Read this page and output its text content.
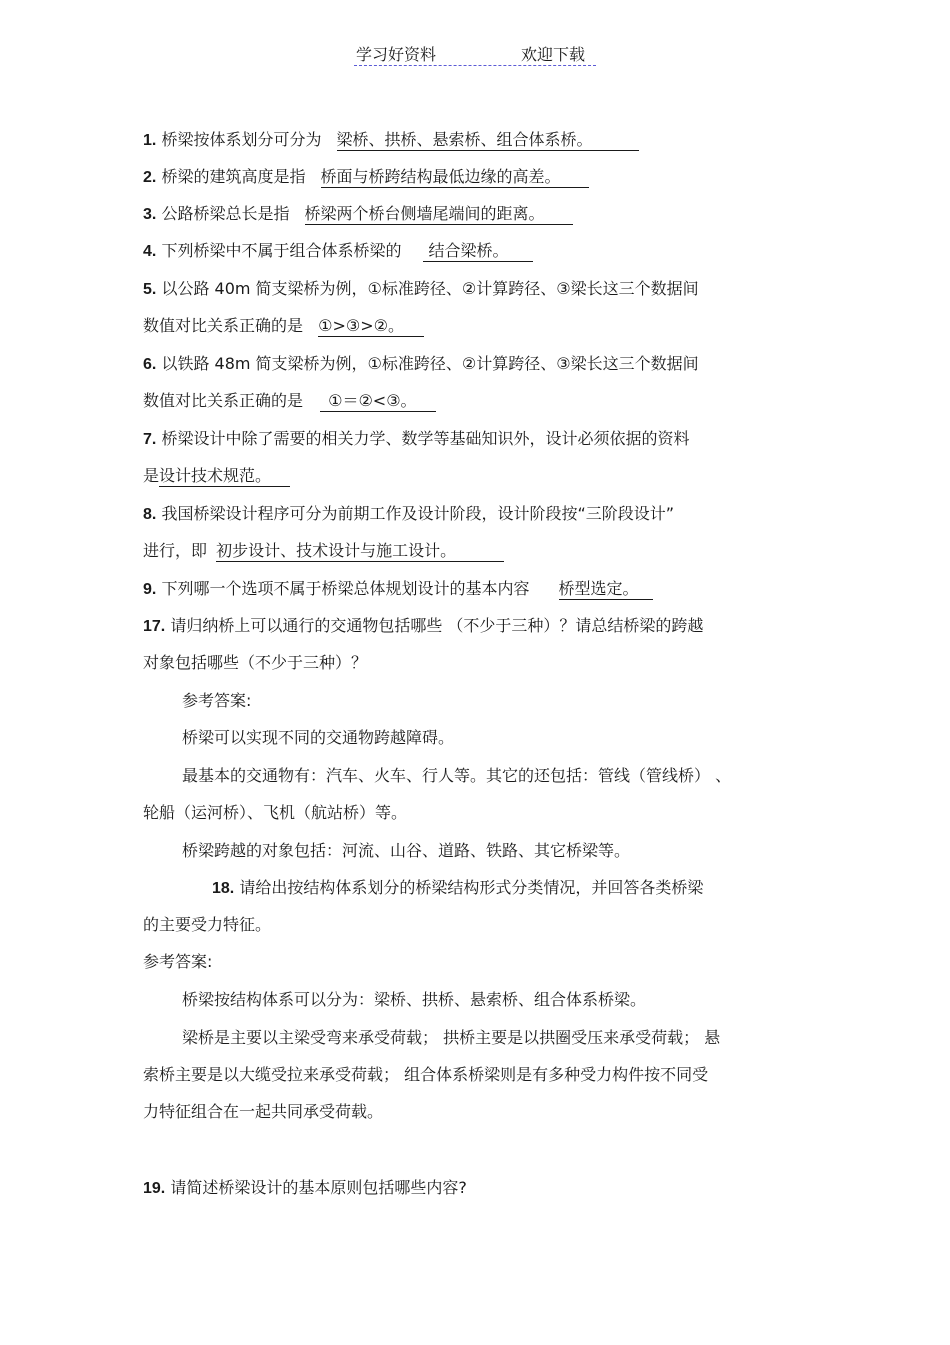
学习好资料	欢迎下载
1. 桥梁按体系划分可分为 梁桥、拱桥、悬索桥、组合体系桥。
2. 桥梁的建筑高度是指 桥面与桥跨结构最低边缘的高差。
3. 公路桥梁总长是指 桥梁两个桥台侧墙尾端间的距离。
4. 下列桥梁中不属于组合体系桥梁的 结合梁桥。
5. 以公路 40m 简支梁桥为例，①标准跨径、②计算跨径、③梁长这三个数据间
数值对比关系正确的是 ①>③>②。
6. 以铁路 48m 简支梁桥为例，①标准跨径、②计算跨径、③梁长这三个数据间
数值对比关系正确的是 ①＝②<③。
7. 桥梁设计中除了需要的相关力学、数学等基础知识外，设计必须依据的资料
是设计技术规范。
8. 我国桥梁设计程序可分为前期工作及设计阶段，设计阶段按“三阶段设计”
进行，即 初步设计、技术设计与施工设计。
9. 下列哪一个选项不属于桥梁总体规划设计的基本内容 桥型选定。
17. 请归纳桥上可以通行的交通物包括哪些 （不少于三种）？请总结桥梁的跨越
对象包括哪些（不少于三种）？
参考答案:
桥梁可以实现不同的交通物跨越障碍。
最基本的交通物有：汽车、火车、行人等。其它的还包括：管线（管线桥） 、
轮船（运河桥）、飞机（航站桥）等。
桥梁跨越的对象包括：河流、山谷、道路、铁路、其它桥梁等。
18. 请给出按结构体系划分的桥梁结构形式分类情况，并回答各类桥梁
的主要受力特征。
参考答案:
桥梁按结构体系可以分为：梁桥、拱桥、悬索桥、组合体系桥梁。
梁桥是主要以主梁受弯来承受荷载； 拱桥主要是以拱圈受压来承受荷载； 悬
索桥主要是以大缆受拉来承受荷载； 组合体系桥梁则是有多种受力构件按不同受
力特征组合在一起共同承受荷载。
19. 请简述桥梁设计的基本原则包括哪些内容?
